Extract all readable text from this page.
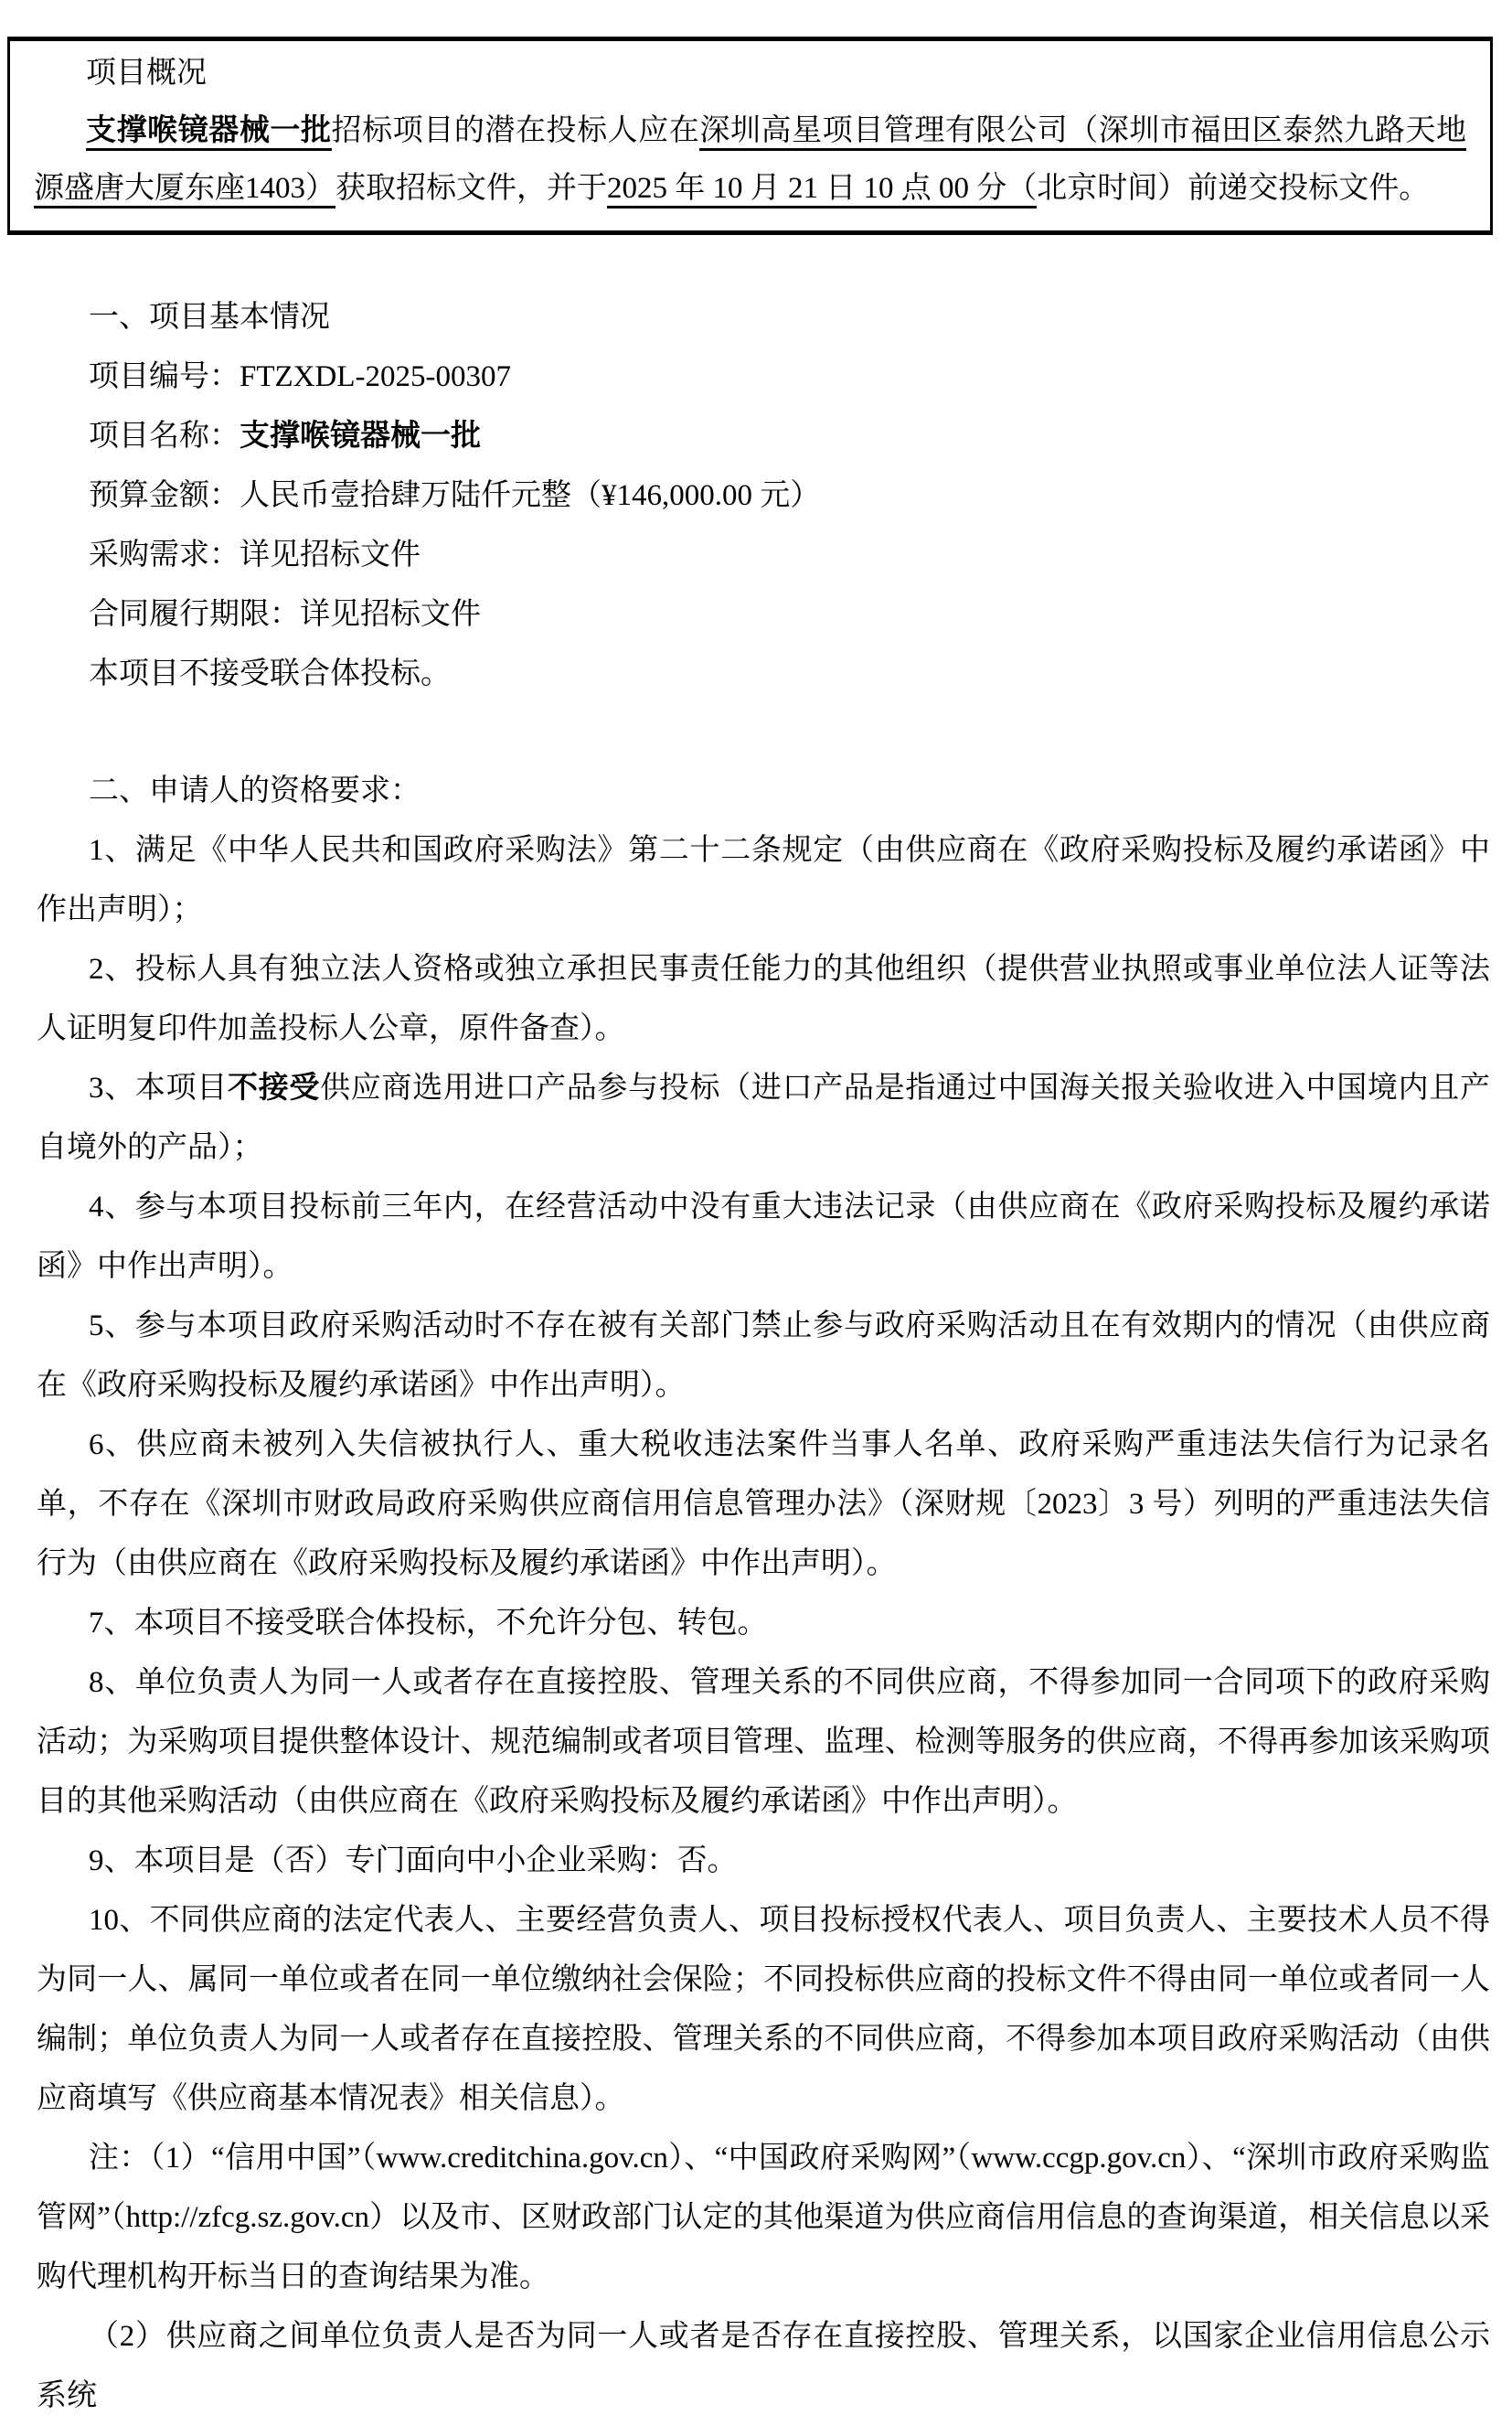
项目概况

支撑喉镜器械一批招标项目的潜在投标人应在深圳高星项目管理有限公司（深圳市福田区泰然九路天地源盛唐大厦东座1403）获取招标文件，并于2025 年 10 月 21 日 10 点 00 分（北京时间）前递交投标文件。

一、项目基本情况

项目编号：FTZXDL-2025-00307

项目名称：支撑喉镜器械一批

预算金额：人民币壹拾肆万陆仟元整（¥146,000.00 元）

采购需求：详见招标文件

合同履行期限：详见招标文件

本项目不接受联合体投标。

二、申请人的资格要求：

1、满足《中华人民共和国政府采购法》第二十二条规定（由供应商在《政府采购投标及履约承诺函》中作出声明）；

2、投标人具有独立法人资格或独立承担民事责任能力的其他组织（提供营业执照或事业单位法人证等法人证明复印件加盖投标人公章，原件备查）。

3、本项目不接受供应商选用进口产品参与投标（进口产品是指通过中国海关报关验收进入中国境内且产自境外的产品）；

4、参与本项目投标前三年内，在经营活动中没有重大违法记录（由供应商在《政府采购投标及履约承诺函》中作出声明）。

5、参与本项目政府采购活动时不存在被有关部门禁止参与政府采购活动且在有效期内的情况（由供应商在《政府采购投标及履约承诺函》中作出声明）。

6、供应商未被列入失信被执行人、重大税收违法案件当事人名单、政府采购严重违法失信行为记录名单，不存在《深圳市财政局政府采购供应商信用信息管理办法》（深财规〔2023〕3 号）列明的严重违法失信行为（由供应商在《政府采购投标及履约承诺函》中作出声明）。

7、本项目不接受联合体投标，不允许分包、转包。

8、单位负责人为同一人或者存在直接控股、管理关系的不同供应商，不得参加同一合同项下的政府采购活动；为采购项目提供整体设计、规范编制或者项目管理、监理、检测等服务的供应商，不得再参加该采购项目的其他采购活动（由供应商在《政府采购投标及履约承诺函》中作出声明）。

9、本项目是（否）专门面向中小企业采购：否。

10、不同供应商的法定代表人、主要经营负责人、项目投标授权代表人、项目负责人、主要技术人员不得为同一人、属同一单位或者在同一单位缴纳社会保险；不同投标供应商的投标文件不得由同一单位或者同一人编制；单位负责人为同一人或者存在直接控股、管理关系的不同供应商，不得参加本项目政府采购活动（由供应商填写《供应商基本情况表》相关信息）。

注：（1）“信用中国”（www.creditchina.gov.cn）、“中国政府采购网”（www.ccgp.gov.cn）、“深圳市政府采购监管网”（http://zfcg.sz.gov.cn）以及市、区财政部门认定的其他渠道为供应商信用信息的查询渠道，相关信息以采购代理机构开标当日的查询结果为准。

（2）供应商之间单位负责人是否为同一人或者是否存在直接控股、管理关系，以国家企业信用信息公示系统
